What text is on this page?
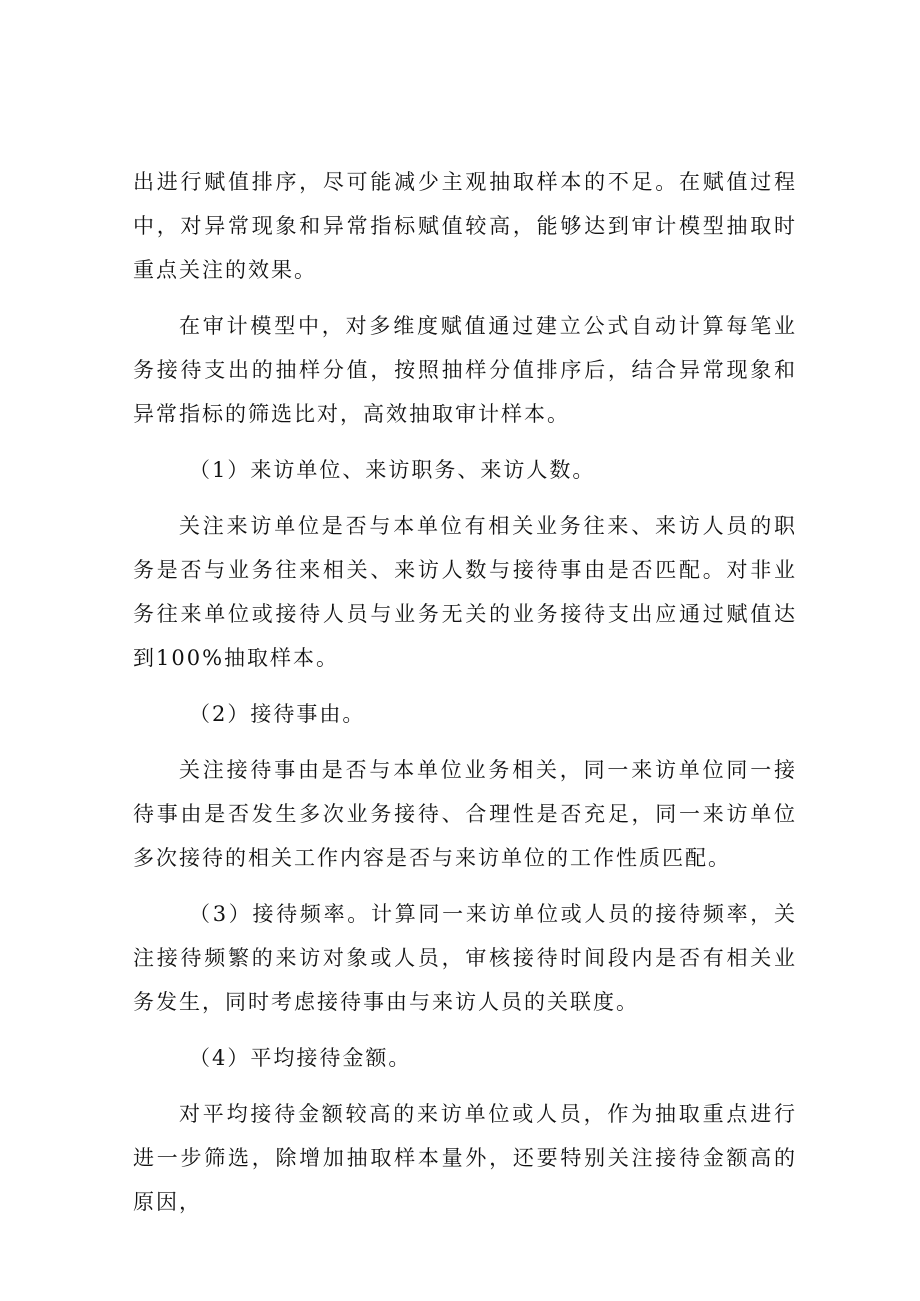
出进行赋值排序，尽可能减少主观抽取样本的不足。在赋值过程中，对异常现象和异常指标赋值较高，能够达到审计模型抽取时重点关注的效果。

在审计模型中，对多维度赋值通过建立公式自动计算每笔业务接待支出的抽样分值，按照抽样分值排序后，结合异常现象和异常指标的筛选比对，高效抽取审计样本。

（1）来访单位、来访职务、来访人数。

关注来访单位是否与本单位有相关业务往来、来访人员的职务是否与业务往来相关、来访人数与接待事由是否匹配。对非业务往来单位或接待人员与业务无关的业务接待支出应通过赋值达到100%抽取样本。

（2）接待事由。

关注接待事由是否与本单位业务相关，同一来访单位同一接待事由是否发生多次业务接待、合理性是否充足，同一来访单位多次接待的相关工作内容是否与来访单位的工作性质匹配。

（3）接待频率。计算同一来访单位或人员的接待频率，关注接待频繁的来访对象或人员，审核接待时间段内是否有相关业务发生，同时考虑接待事由与来访人员的关联度。

（4）平均接待金额。

对平均接待金额较高的来访单位或人员，作为抽取重点进行进一步筛选，除增加抽取样本量外，还要特别关注接待金额高的原因，
